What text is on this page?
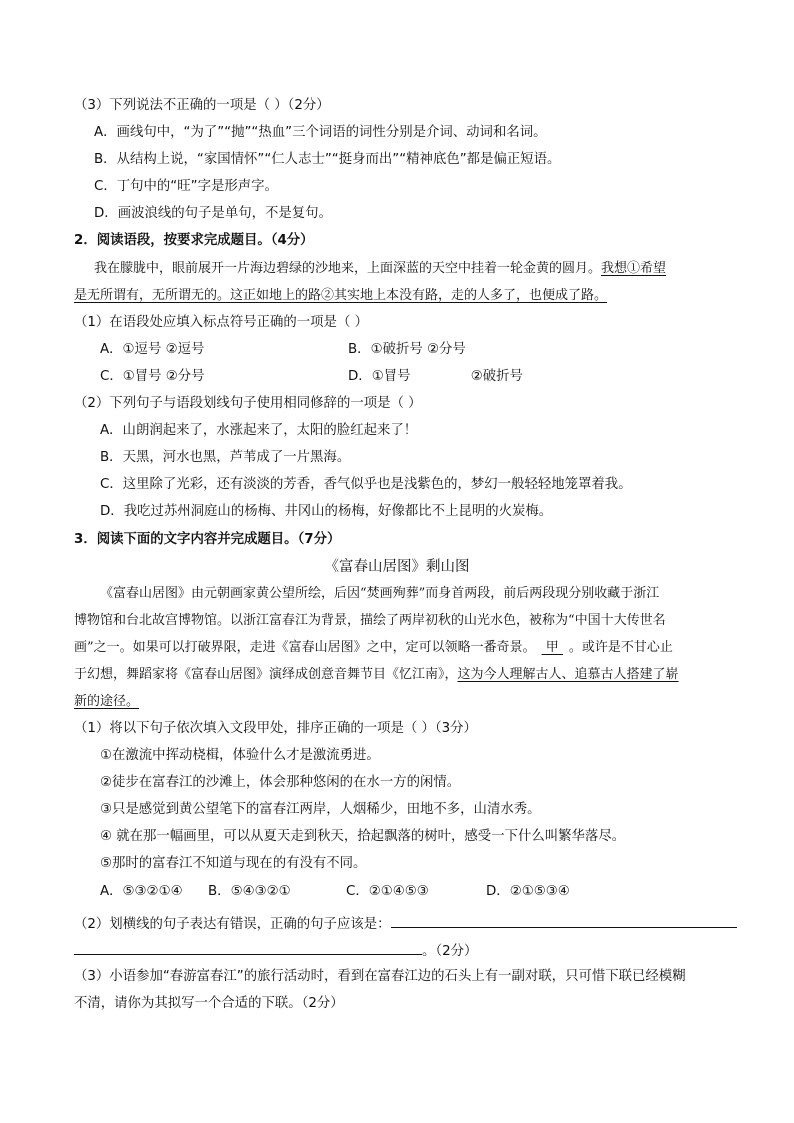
（3）下列说法不正确的一项是（ ）（2分）
A．画线句中，“为了”“抛”“热血”三个词语的词性分别是介词、动词和名词。
B．从结构上说，“家国情怀”“仁人志士”“挺身而出”“精神底色”都是偏正短语。
C．丁句中的“旺”字是形声字。
D．画波浪线的句子是单句，不是复句。
2．阅读语段，按要求完成题目。（4分）
我在朦胧中，眼前展开一片海边碧绿的沙地来，上面深蓝的天空中挂着一轮金黄的圆月。我想①希望
是无所谓有，无所谓无的。这正如地上的路②其实地上本没有路，走的人多了，也便成了路。
（1）在语段处应填入标点符号正确的一项是（ ）
A．①逗号 ②逗号	B．①破折号 ②分号
C．①冒号 ②分号	D．①冒号	②破折号
（2）下列句子与语段划线句子使用相同修辞的一项是（ ）
A．山朗润起来了，水涨起来了，太阳的脸红起来了！
B．天黑，河水也黑，芦苇成了一片黑海。
C．这里除了光彩，还有淡淡的芳香，香气似乎也是浅紫色的，梦幻一般轻轻地笼罩着我。
D．我吃过苏州洞庭山的杨梅、井冈山的杨梅，好像都比不上昆明的火炭梅。
3．阅读下面的文字内容并完成题目。（7分）
《富春山居图》剩山图
《富春山居图》由元朝画家黄公望所绘，后因“焚画殉葬”而身首两段，前后两段现分别收藏于浙江
博物馆和台北故宫博物馆。以浙江富春江为背景，描绘了两岸初秋的山光水色，被称为“中国十大传世名
画”之一。如果可以打破界限，走进《富春山居图》之中，定可以领略一番奇景。 甲 。或许是不甘心止
于幻想，舞蹈家将《富春山居图》演绎成创意音舞节目《忆江南》，这为今人理解古人、追慕古人搭建了崭
新的途径。
（1）将以下句子依次填入文段甲处，排序正确的一项是（ ）（3分）
①在激流中挥动桡楫，体验什么才是激流勇进。
②徒步在富春江的沙滩上，体会那种悠闲的在水一方的闲情。
③只是感觉到黄公望笔下的富春江两岸，人烟稀少，田地不多，山清水秀。
④ 就在那一幅画里，可以从夏天走到秋天，拾起飘落的树叶，感受一下什么叫繁华落尽。
⑤那时的富春江不知道与现在的有没有不同。
A．⑤③②①④ B．⑤④③②①	C．②①④⑤③	D．②①⑤③④
（2）划横线的句子表达有错误，正确的句子应该是：
。（2分）
（3）小语参加“春游富春江”的旅行活动时，看到在富春江边的石头上有一副对联，只可惜下联已经模糊
不清，请你为其拟写一个合适的下联。（2分）
